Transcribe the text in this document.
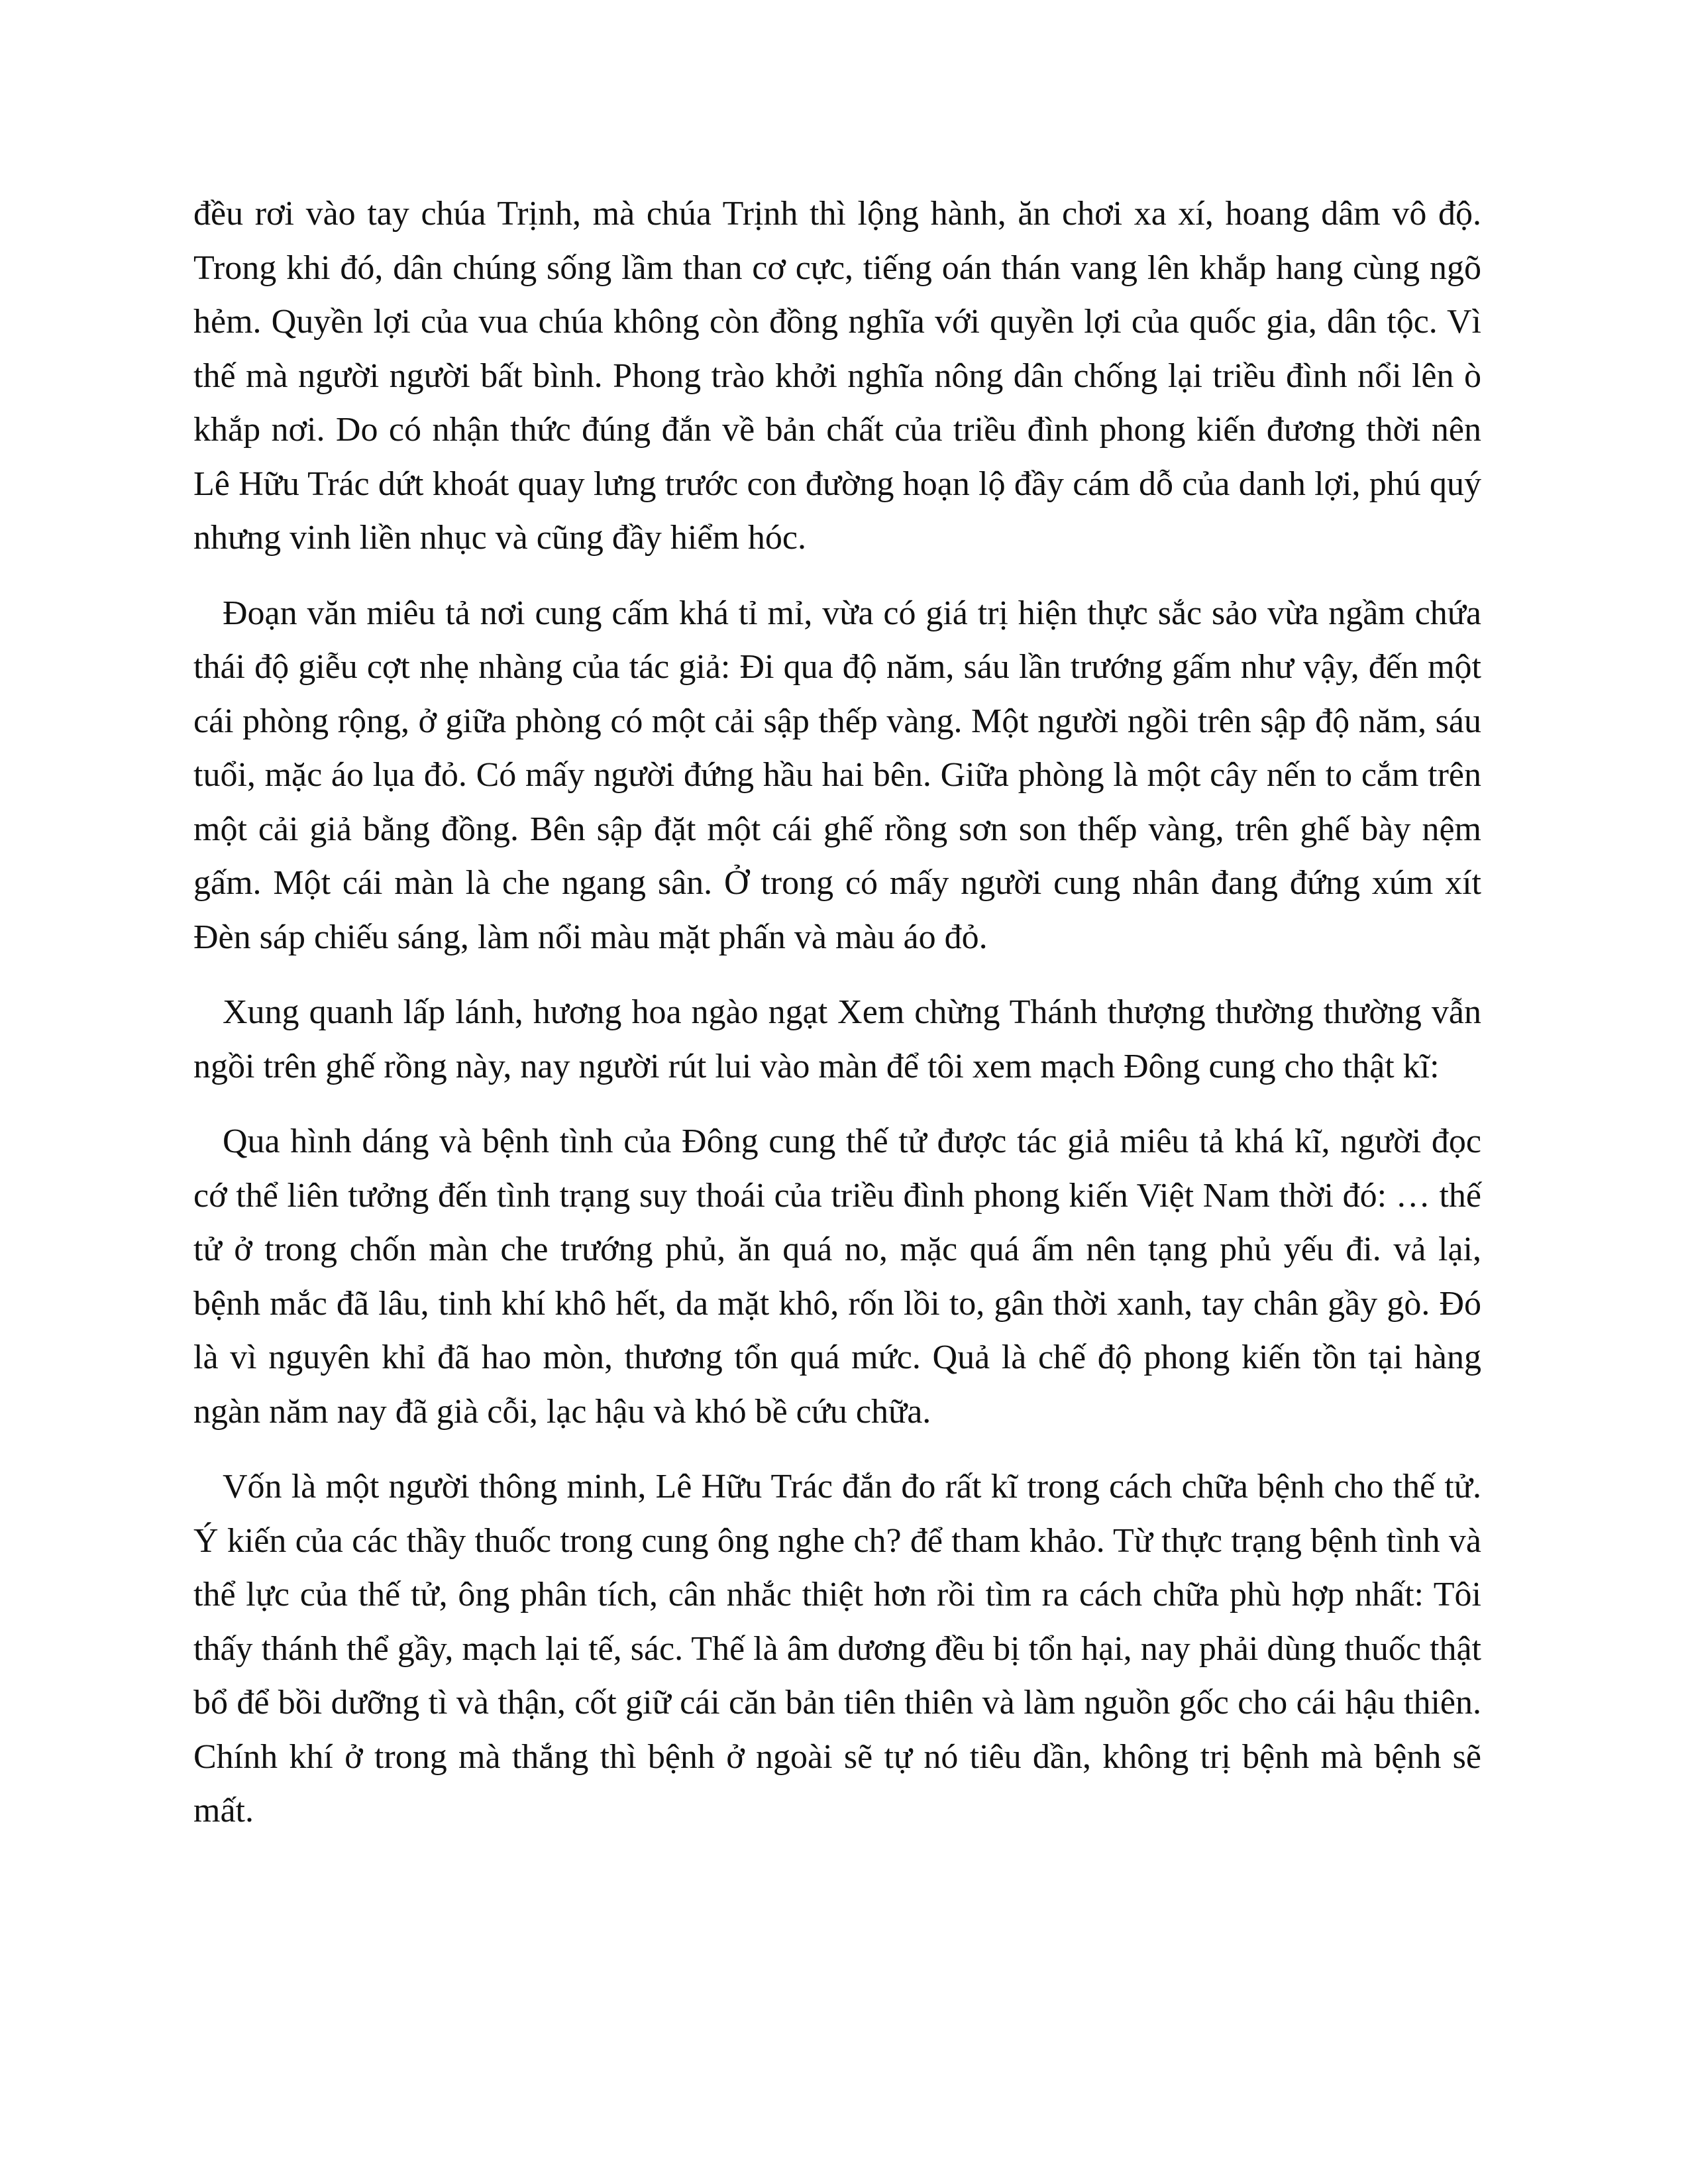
đều rơi vào tay chúa Trịnh, mà chúa Trịnh thì lộng hành, ăn chơi xa xí, hoang dâm vô độ. Trong khi đó, dân chúng sống lầm than cơ cực, tiếng oán thán vang lên khắp hang cùng ngõ hẻm. Quyền lợi của vua chúa không còn đồng nghĩa với quyền lợi của quốc gia, dân tộc. Vì thế mà người người bất bình. Phong trào khởi nghĩa nông dân chống lại triều đình nổi lên ò khắp nơi. Do có nhận thức đúng đắn về bản chất của triều đình phong kiến đương thời nên Lê Hữu Trác dứt khoát quay lưng trước con đường hoạn lộ đầy cám dỗ của danh lợi, phú quý nhưng vinh liền nhục và cũng đầy hiểm hóc.

Đoạn văn miêu tả nơi cung cấm khá tỉ mỉ, vừa có giá trị hiện thực sắc sảo vừa ngầm chứa thái độ giễu cợt nhẹ nhàng của tác giả: Đi qua độ năm, sáu lần trướng gấm như vậy, đến một cái phòng rộng, ở giữa phòng có một cải sập thếp vàng. Một người ngồi trên sập độ năm, sáu tuổi, mặc áo lụa đỏ. Có mấy người đứng hầu hai bên. Giữa phòng là một cây nến to cắm trên một cải giả bằng đồng. Bên sập đặt một cái ghế rồng sơn son thếp vàng, trên ghế bày nệm gấm. Một cái màn là che ngang sân. Ở trong có mấy người cung nhân đang đứng xúm xít Đèn sáp chiếu sáng, làm nổi màu mặt phấn và màu áo đỏ.

Xung quanh lấp lánh, hương hoa ngào ngạt Xem chừng Thánh thượng thường thường vẫn ngồi trên ghế rồng này, nay người rút lui vào màn để tôi xem mạch Đông cung cho thật kĩ:

Qua hình dáng và bệnh tình của Đông cung thế tử được tác giả miêu tả khá kĩ, người đọc cớ thể liên tưởng đến tình trạng suy thoái của triều đình phong kiến Việt Nam thời đó: … thế tử ở trong chốn màn che trướng phủ, ăn quá no, mặc quá ấm nên tạng phủ yếu đi. vả lại, bệnh mắc đã lâu, tinh khí khô hết, da mặt khô, rốn lồi to, gân thời xanh, tay chân gầy gò. Đó là vì nguyên khỉ đã hao mòn, thương tổn quá mức. Quả là chế độ phong kiến tồn tại hàng ngàn năm nay đã già cỗi, lạc hậu và khó bề cứu chữa.

Vốn là một người thông minh, Lê Hữu Trác đắn đo rất kĩ trong cách chữa bệnh cho thế tử. Ý kiến của các thầy thuốc trong cung ông nghe ch? để tham khảo. Từ thực trạng bệnh tình và thể lực của thế tử, ông phân tích, cân nhắc thiệt hơn rồi tìm ra cách chữa phù hợp nhất: Tôi thấy thánh thể gầy, mạch lại tế, sác. Thế là âm dương đều bị tổn hại, nay phải dùng thuốc thật bổ để bồi dưỡng tì và thận, cốt giữ cái căn bản tiên thiên và làm nguồn gốc cho cái hậu thiên. Chính khí ở trong mà thắng thì bệnh ở ngoài sẽ tự nó tiêu dần, không trị bệnh mà bệnh sẽ mất.
